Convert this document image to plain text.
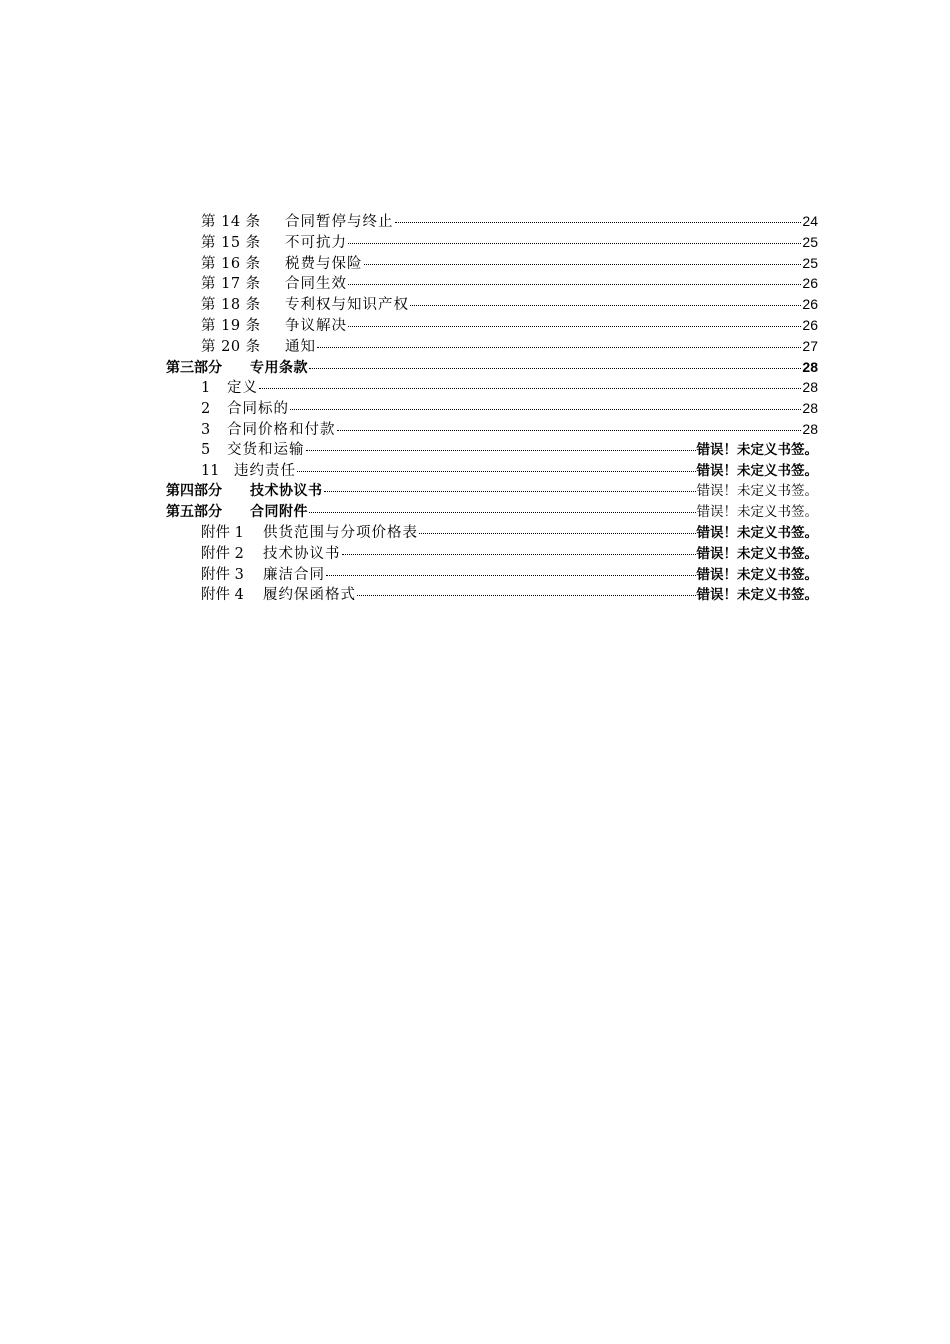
第 14 条	合同暂停与终止	24
第 15 条	不可抗力	25
第 16 条	税费与保险	25
第 17 条	合同生效	26
第 18 条	专利权与知识产权	26
第 19 条	争议解决	26
第 20 条	通知	27
第三部分	专用条款	28
1	定义	28
2	合同标的	28
3	合同价格和付款	28
5	交货和运输	错误！未定义书签。
11	违约责任	错误！未定义书签。
第四部分	技术协议书	错误！未定义书签。
第五部分	合同附件	错误！未定义书签。
附件 1	供货范围与分项价格表	错误！未定义书签。
附件 2	技术协议书	错误！未定义书签。
附件 3	廉洁合同	错误！未定义书签。
附件 4	履约保函格式	错误！未定义书签。
